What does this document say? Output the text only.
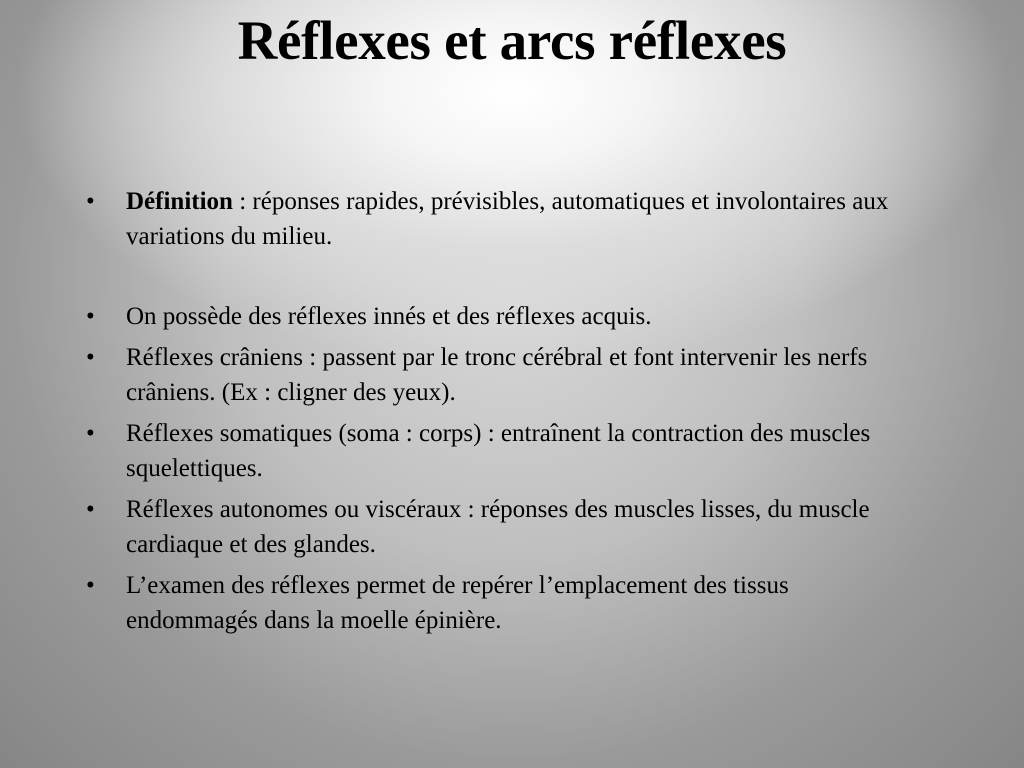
Réflexes et arcs réflexes
• Définition : réponses rapides, prévisibles, automatiques et involontaires aux variations du milieu.
• On possède des réflexes innés et des réflexes acquis.
• Réflexes crâniens : passent par le tronc cérébral et font intervenir les nerfs crâniens. (Ex : cligner des yeux).
• Réflexes somatiques (soma : corps) : entraînent la contraction des muscles squelettiques.
• Réflexes autonomes ou viscéraux : réponses des muscles lisses, du muscle cardiaque et des glandes.
• L’examen des réflexes permet de repérer l’emplacement des tissus endommagés dans la moelle épinière.
